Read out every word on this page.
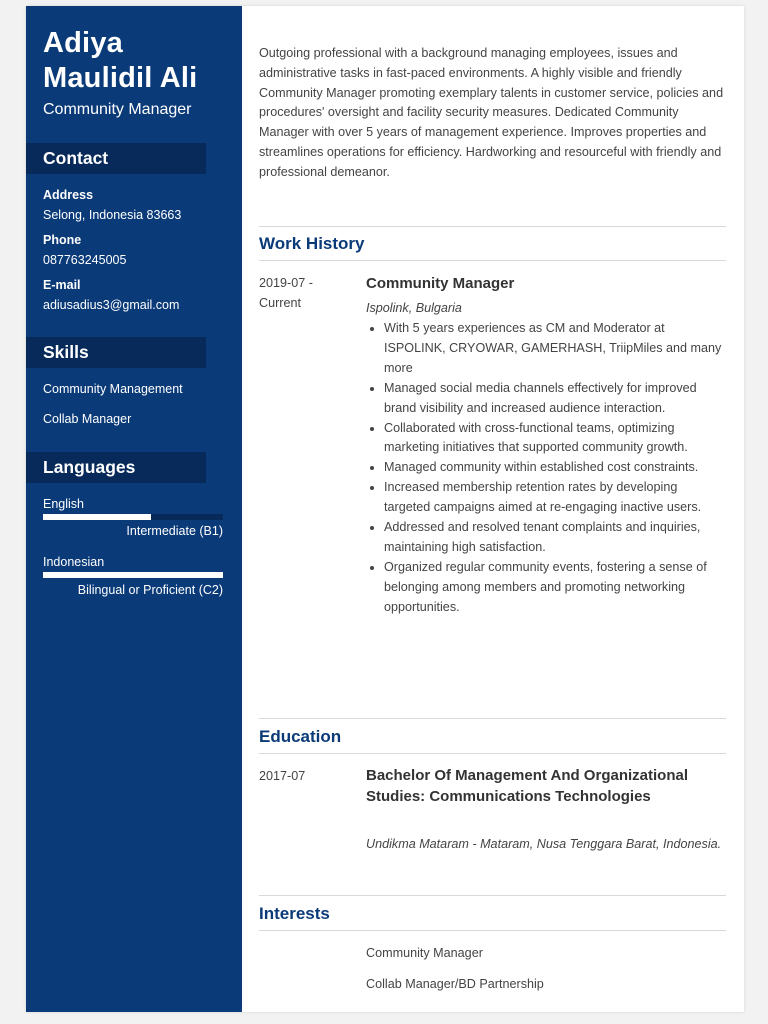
Adiya Maulidil Ali
Community Manager
Contact
Address
Selong, Indonesia 83663
Phone
087763245005
E-mail
adiusadius3@gmail.com
Skills
Community Management
Collab Manager
Languages
English
Intermediate (B1)
Indonesian
Bilingual or Proficient (C2)
Outgoing professional with a background managing employees, issues and administrative tasks in fast-paced environments. A highly visible and friendly Community Manager promoting exemplary talents in customer service, policies and procedures' oversight and facility security measures. Dedicated Community Manager with over 5 years of management experience. Improves properties and streamlines operations for efficiency. Hardworking and resourceful with friendly and professional demeanor.
Work History
2019-07 -
Current
Community Manager
Ispolink, Bulgaria
• With 5 years experiences as CM and Moderator at ISPOLINK, CRYOWAR, GAMERHASH, TriipMiles and many more
• Managed social media channels effectively for improved brand visibility and increased audience interaction.
• Collaborated with cross-functional teams, optimizing marketing initiatives that supported community growth.
• Managed community within established cost constraints.
• Increased membership retention rates by developing targeted campaigns aimed at re-engaging inactive users.
• Addressed and resolved tenant complaints and inquiries, maintaining high satisfaction.
• Organized regular community events, fostering a sense of belonging among members and promoting networking opportunities.
Education
2017-07	Bachelor Of Management And Organizational Studies: Communications Technologies
Undikma Mataram - Mataram, Nusa Tenggara Barat, Indonesia.
Interests
Community Manager
Collab Manager/BD Partnership
